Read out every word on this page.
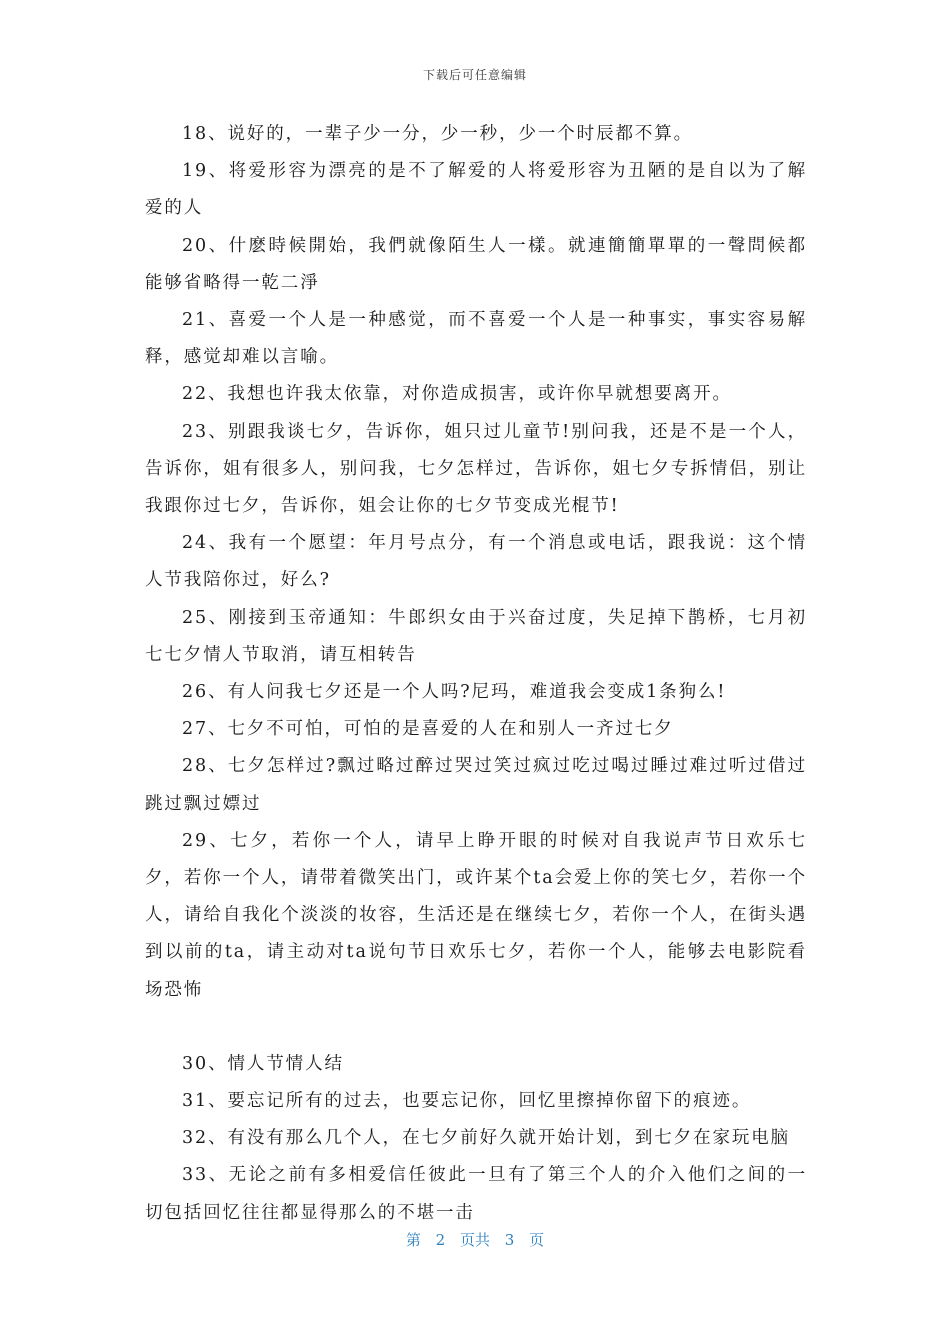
下载后可任意编辑

18、说好的，一辈子少一分，少一秒，少一个时辰都不算。

19、将爱形容为漂亮的是不了解爱的人将爱形容为丑陋的是自以为了解爱的人

20、什麽時候開始，我們就像陌生人一樣。就連簡簡單單的一聲問候都能够省略得一乾二淨

21、喜爱一个人是一种感觉，而不喜爱一个人是一种事实，事实容易解释，感觉却难以言喻。

22、我想也许我太依靠，对你造成损害，或许你早就想要离开。

23、别跟我谈七夕，告诉你，姐只过儿童节!别问我，还是不是一个人，告诉你，姐有很多人，别问我，七夕怎样过，告诉你，姐七夕专拆情侣，别让我跟你过七夕，告诉你，姐会让你的七夕节变成光棍节!

24、我有一个愿望：年月号点分，有一个消息或电话，跟我说：这个情人节我陪你过，好么?

25、刚接到玉帝通知：牛郎织女由于兴奋过度，失足掉下鹊桥，七月初七七夕情人节取消，请互相转告

26、有人问我七夕还是一个人吗?尼玛，难道我会变成1条狗么!

27、七夕不可怕，可怕的是喜爱的人在和别人一齐过七夕

28、七夕怎样过?飘过略过醉过哭过笑过疯过吃过喝过睡过难过听过借过跳过飘过嫖过

29、七夕，若你一个人，请早上睁开眼的时候对自我说声节日欢乐七夕，若你一个人，请带着微笑出门，或许某个ta会爱上你的笑七夕，若你一个人，请给自我化个淡淡的妆容，生活还是在继续七夕，若你一个人，在街头遇到以前的ta，请主动对ta说句节日欢乐七夕，若你一个人，能够去电影院看场恐怖

30、情人节情人结

31、要忘记所有的过去，也要忘记你，回忆里擦掉你留下的痕迹。

32、有没有那么几个人，在七夕前好久就开始计划，到七夕在家玩电脑

33、无论之前有多相爱信任彼此一旦有了第三个人的介入他们之间的一切包括回忆往往都显得那么的不堪一击

第 2 页共 3 页
